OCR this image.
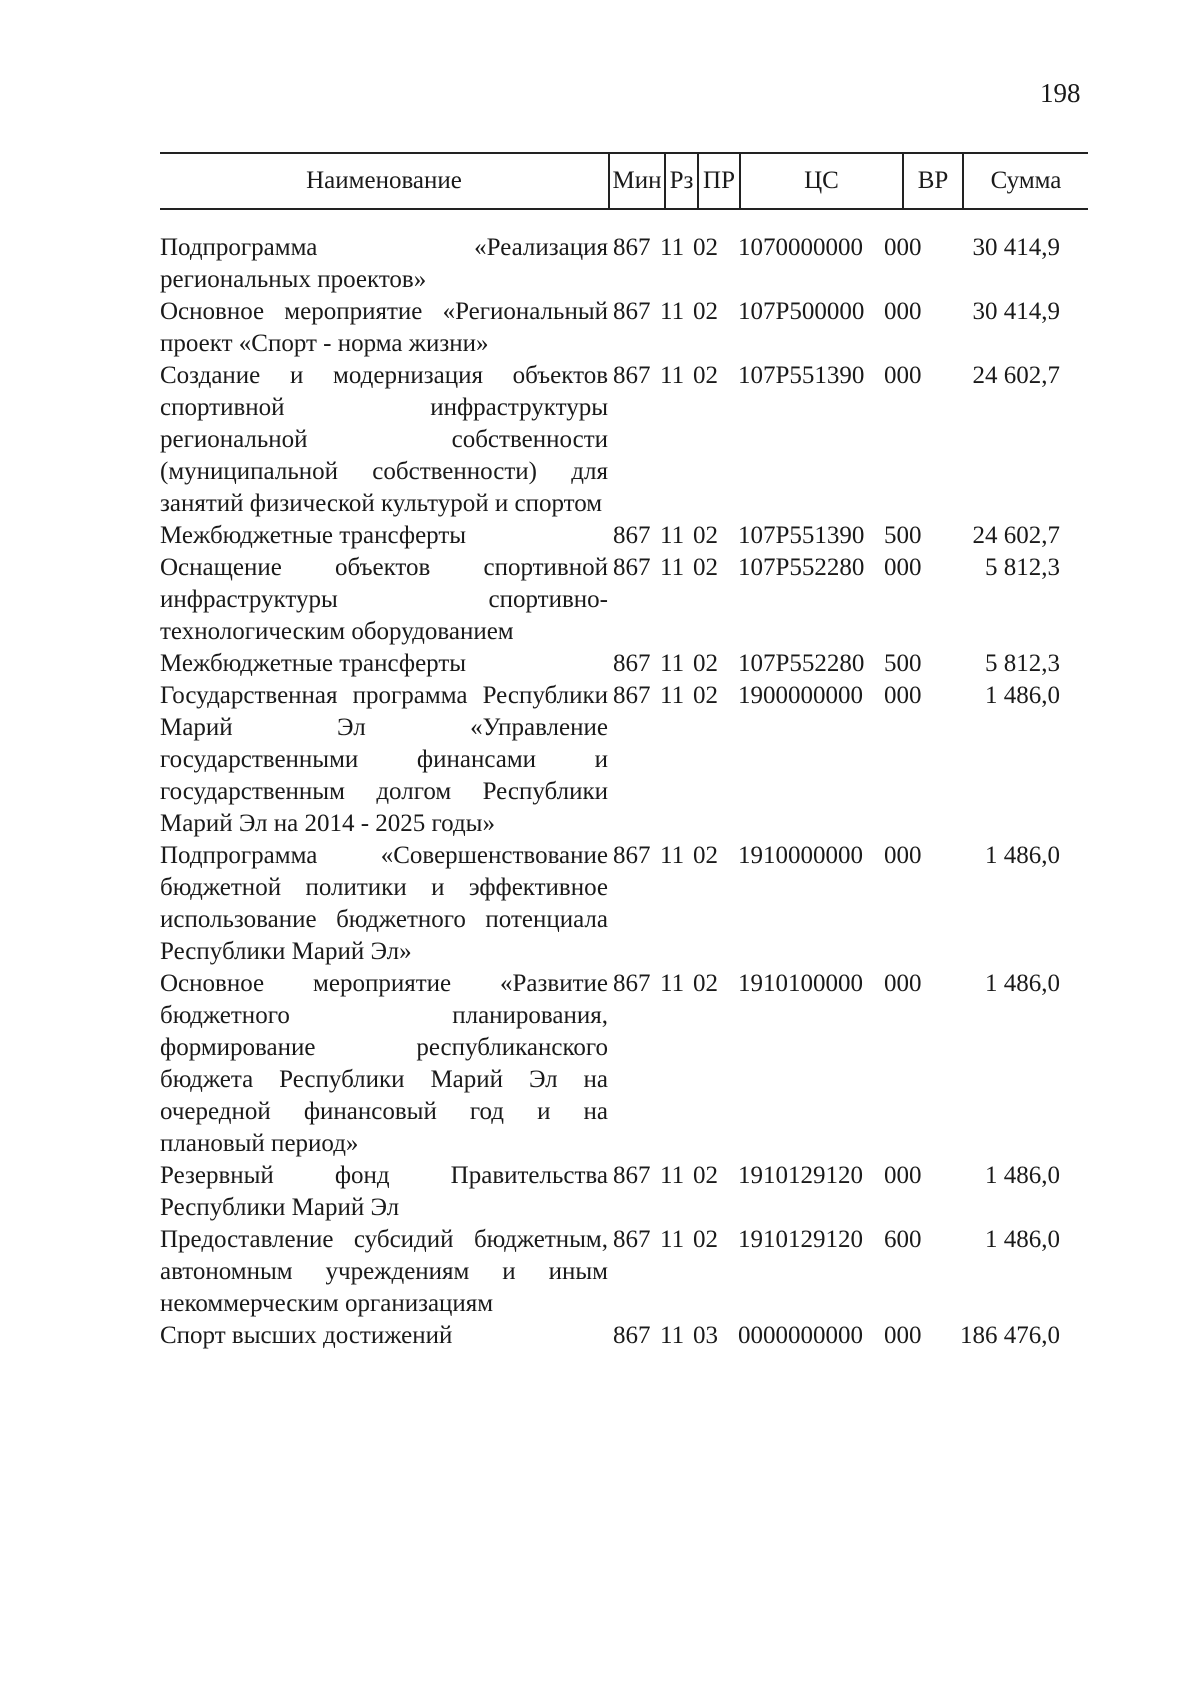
198
Наименование	Мин Рз ПР	ЦС	ВР	Сумма
Подпрограмма «Реализация региональных проектов»
867 11 02 1070000000 000	30 414,9
Основное мероприятие «Региональный проект «Спорт - норма жизни»
867 11 02 107P500000 000	30 414,9
Создание и модернизация объектов спортивной инфраструктуры региональной собственности (муниципальной собственности) для занятий физической культурой и спортом
867 11 02 107P551390 000	24 602,7
Межбюджетные трансферты	867 11 02 107P551390 500	24 602,7
Оснащение объектов спортивной инфраструктуры спортивно-технологическим оборудованием
867 11 02 107P552280 000	5 812,3
Межбюджетные трансферты	867 11 02 107P552280 500	5 812,3
Государственная программа Республики Марий Эл «Управление государственными финансами и государственным долгом Республики Марий Эл на 2014 - 2025 годы»
867 11 02 1900000000 000	1 486,0
Подпрограмма «Совершенствование бюджетной политики и эффективное использование бюджетного потенциала Республики Марий Эл»
867 11 02 1910000000 000	1 486,0
Основное мероприятие «Развитие бюджетного планирования, формирование республиканского бюджета Республики Марий Эл на очередной финансовый год и на плановый период»
867 11 02 1910100000 000	1 486,0
Резервный фонд Правительства Республики Марий Эл
867 11 02 1910129120 000	1 486,0
Предоставление субсидий бюджетным, автономным учреждениям и иным некоммерческим организациям
867 11 02 1910129120 600	1 486,0
Спорт высших достижений	867 11 03 0000000000 000	186 476,0
